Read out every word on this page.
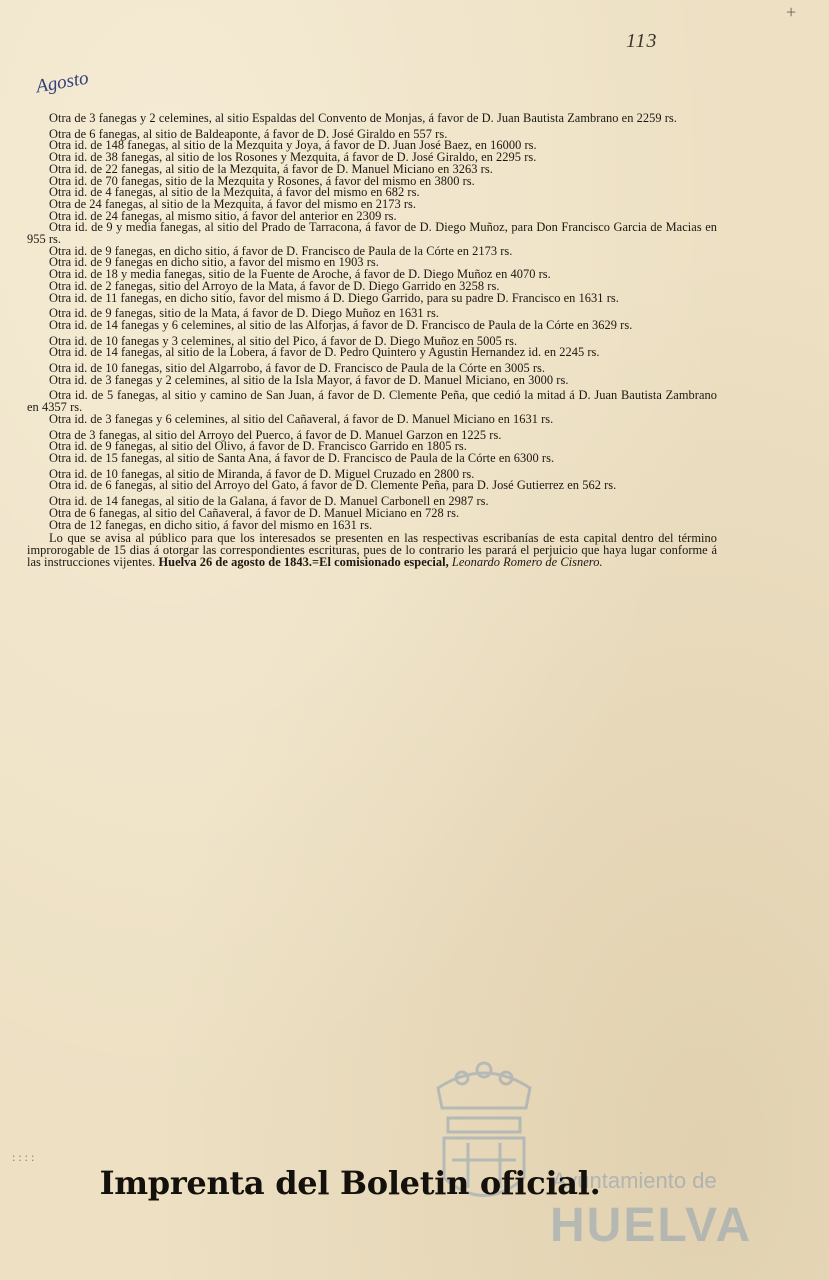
+
113
Agosto

Otra de 3 fanegas y 2 celemines, al sitio Espaldas del Convento de Monjas, á favor de D. Juan Bautista Zambrano en 2259 rs.

Otra de 6 fanegas, al sitio de Baldeaponte, á favor de D. José Giraldo en 557 rs.

Otra id. de 148 fanegas, al sitio de la Mezquita y Joya, á favor de D. Juan José Baez, en 16000 rs.

Otra id. de 38 fanegas, al sitio de los Rosones y Mezquita, á favor de D. José Giraldo, en 2295 rs.

Otra id. de 22 fanegas, al sitio de la Mezquita, á favor de D. Manuel Miciano en 3263 rs.

Otra id. de 70 fanegas, sitio de la Mezquita y Rosones, á favor del mismo en 3800 rs.

Otra id. de 4 fanegas, al sitio de la Mezquita, á favor del mismo en 682 rs.

Otra de 24 fanegas, al sitio de la Mezquita, á favor del mismo en 2173 rs.

Otra id. de 24 fanegas, al mismo sitio, á favor del anterior en 2309 rs.

Otra id. de 9 y media fanegas, al sitio del Prado de Tarracona, á favor de D. Diego Muñoz, para Don Francisco Garcia de Macias en 955 rs.

Otra id. de 9 fanegas, en dicho sitio, á favor de D. Francisco de Paula de la Córte en 2173 rs.

Otra id. de 9 fanegas en dicho sitio, a favor del mismo en 1903 rs.

Otra id. de 18 y media fanegas, sitio de la Fuente de Aroche, á favor de D. Diego Muñoz en 4070 rs.

Otra id. de 2 fanegas, sitio del Arroyo de la Mata, á favor de D. Diego Garrido en 3258 rs.

Otra id. de 11 fanegas, en dicho sitio, favor del mismo á D. Diego Garrido, para su padre D. Francisco en 1631 rs.

Otra id. de 9 fanegas, sitio de la Mata, á favor de D. Diego Muñoz en 1631 rs.

Otra id. de 14 fanegas y 6 celemines, al sitio de las Alforjas, á favor de D. Francisco de Paula de la Córte en 3629 rs.

Otra id. de 10 fanegas y 3 celemines, al sitio del Pico, á favor de D. Diego Muñoz en 5005 rs.

Otra id. de 14 fanegas, al sitio de la Lobera, á favor de D. Pedro Quintero y Agustin Hernandez id. en 2245 rs.

Otra id. de 10 fanegas, sitio del Algarrobo, á favor de D. Francisco de Paula de la Córte en 3005 rs.

Otra id. de 3 fanegas y 2 celemines, al sitio de la Isla Mayor, á favor de D. Manuel Miciano, en 3000 rs.

Otra id. de 5 fanegas, al sitio y camino de San Juan, á favor de D. Clemente Peña, que cedió la mitad á D. Juan Bautista Zambrano en 4357 rs.

Otra id. de 3 fanegas y 6 celemines, al sitio del Cañaveral, á favor de D. Manuel Miciano en 1631 rs.

Otra de 3 fanegas, al sitio del Arroyo del Puerco, á favor de D. Manuel Garzon en 1225 rs.

Otra id. de 9 fanegas, al sitio del Olivo, á favor de D. Francisco Garrido en 1805 rs.

Otra id. de 15 fanegas, al sitio de Santa Ana, á favor de D. Francisco de Paula de la Córte en 6300 rs.

Otra id. de 10 fanegas, al sitio de Miranda, á favor de D. Miguel Cruzado en 2800 rs.

Otra id. de 6 fanegas, al sitio del Arroyo del Gato, á favor de D. Clemente Peña, para D. José Gutierrez en 562 rs.

Otra id. de 14 fanegas, al sitio de la Galana, á favor de D. Manuel Carbonell en 2987 rs.

Otra de 6 fanegas, al sitio del Cañaveral, á favor de D. Manuel Miciano en 728 rs.

Otra de 12 fanegas, en dicho sitio, á favor del mismo en 1631 rs.

Lo que se avisa al público para que los interesados se presenten en las respectivas escribanías de esta capital dentro del término improrogable de 15 dias á otorgar las correspondientes escrituras, pues de lo contrario les parará el perjuicio que haya lugar conforme á las instrucciones vijentes. Huelva 26 de agosto de 1843.=El comisionado especial, Leonardo Romero de Cisnero.

Ayuntamiento de
HUELVA
Imprenta del Boletin oficial.
: : : :
